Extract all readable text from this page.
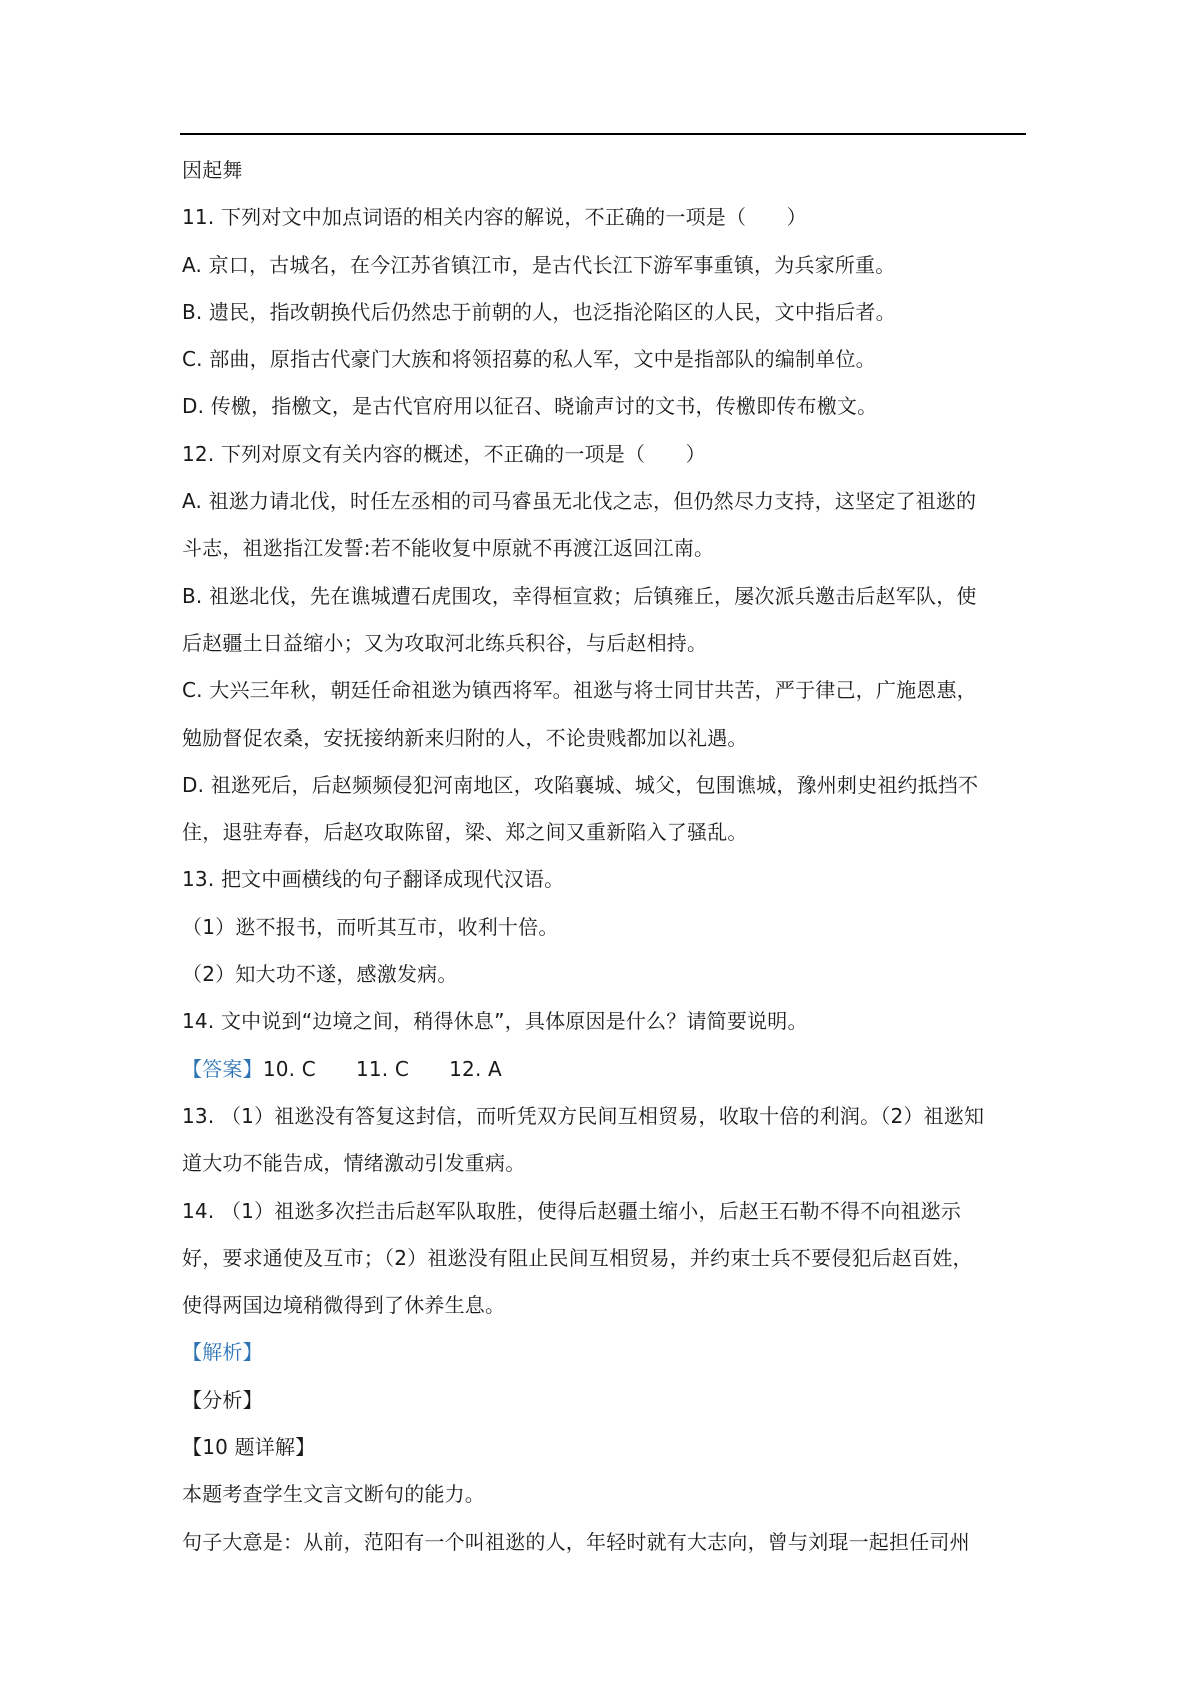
因起舞
11. 下列对文中加点词语的相关内容的解说，不正确的一项是（　　）
A. 京口，古城名，在今江苏省镇江市，是古代长江下游军事重镇，为兵家所重。
B. 遗民，指改朝换代后仍然忠于前朝的人，也泛指沦陷区的人民，文中指后者。
C. 部曲，原指古代豪门大族和将领招募的私人军，文中是指部队的编制单位。
D. 传檄，指檄文，是古代官府用以征召、晓谕声讨的文书，传檄即传布檄文。
12. 下列对原文有关内容的概述，不正确的一项是（　　）
A. 祖逖力请北伐，时任左丞相的司马睿虽无北伐之志，但仍然尽力支持，这坚定了祖逖的
斗志，祖逖指江发誓:若不能收复中原就不再渡江返回江南。
B. 祖逖北伐，先在谯城遭石虎围攻，幸得桓宣救；后镇雍丘，屡次派兵邀击后赵军队，使
后赵疆土日益缩小；又为攻取河北练兵积谷，与后赵相持。
C. 大兴三年秋，朝廷任命祖逖为镇西将军。祖逖与将士同甘共苦，严于律己，广施恩惠，
勉励督促农桑，安抚接纳新来归附的人，不论贵贱都加以礼遇。
D. 祖逖死后，后赵频频侵犯河南地区，攻陷襄城、城父，包围谯城，豫州刺史祖约抵挡不
住，退驻寿春，后赵攻取陈留，梁、郑之间又重新陷入了骚乱。
13. 把文中画横线的句子翻译成现代汉语。
（1）逖不报书，而听其互市，收利十倍。
（2）知大功不遂，感激发病。
14. 文中说到“边境之间，稍得休息”，具体原因是什么？请简要说明。
【答案】10. C 11. C 12. A
13. （1）祖逖没有答复这封信，而听凭双方民间互相贸易，收取十倍的利润。（2）祖逖知
道大功不能告成，情绪激动引发重病。
14. （1）祖逖多次拦击后赵军队取胜，使得后赵疆土缩小，后赵王石勒不得不向祖逖示
好，要求通使及互市；（2）祖逖没有阻止民间互相贸易，并约束士兵不要侵犯后赵百姓，
使得两国边境稍微得到了休养生息。
【解析】
【分析】
【10 题详解】
本题考查学生文言文断句的能力。
句子大意是：从前，范阳有一个叫祖逖的人，年轻时就有大志向，曾与刘琨一起担任司州
